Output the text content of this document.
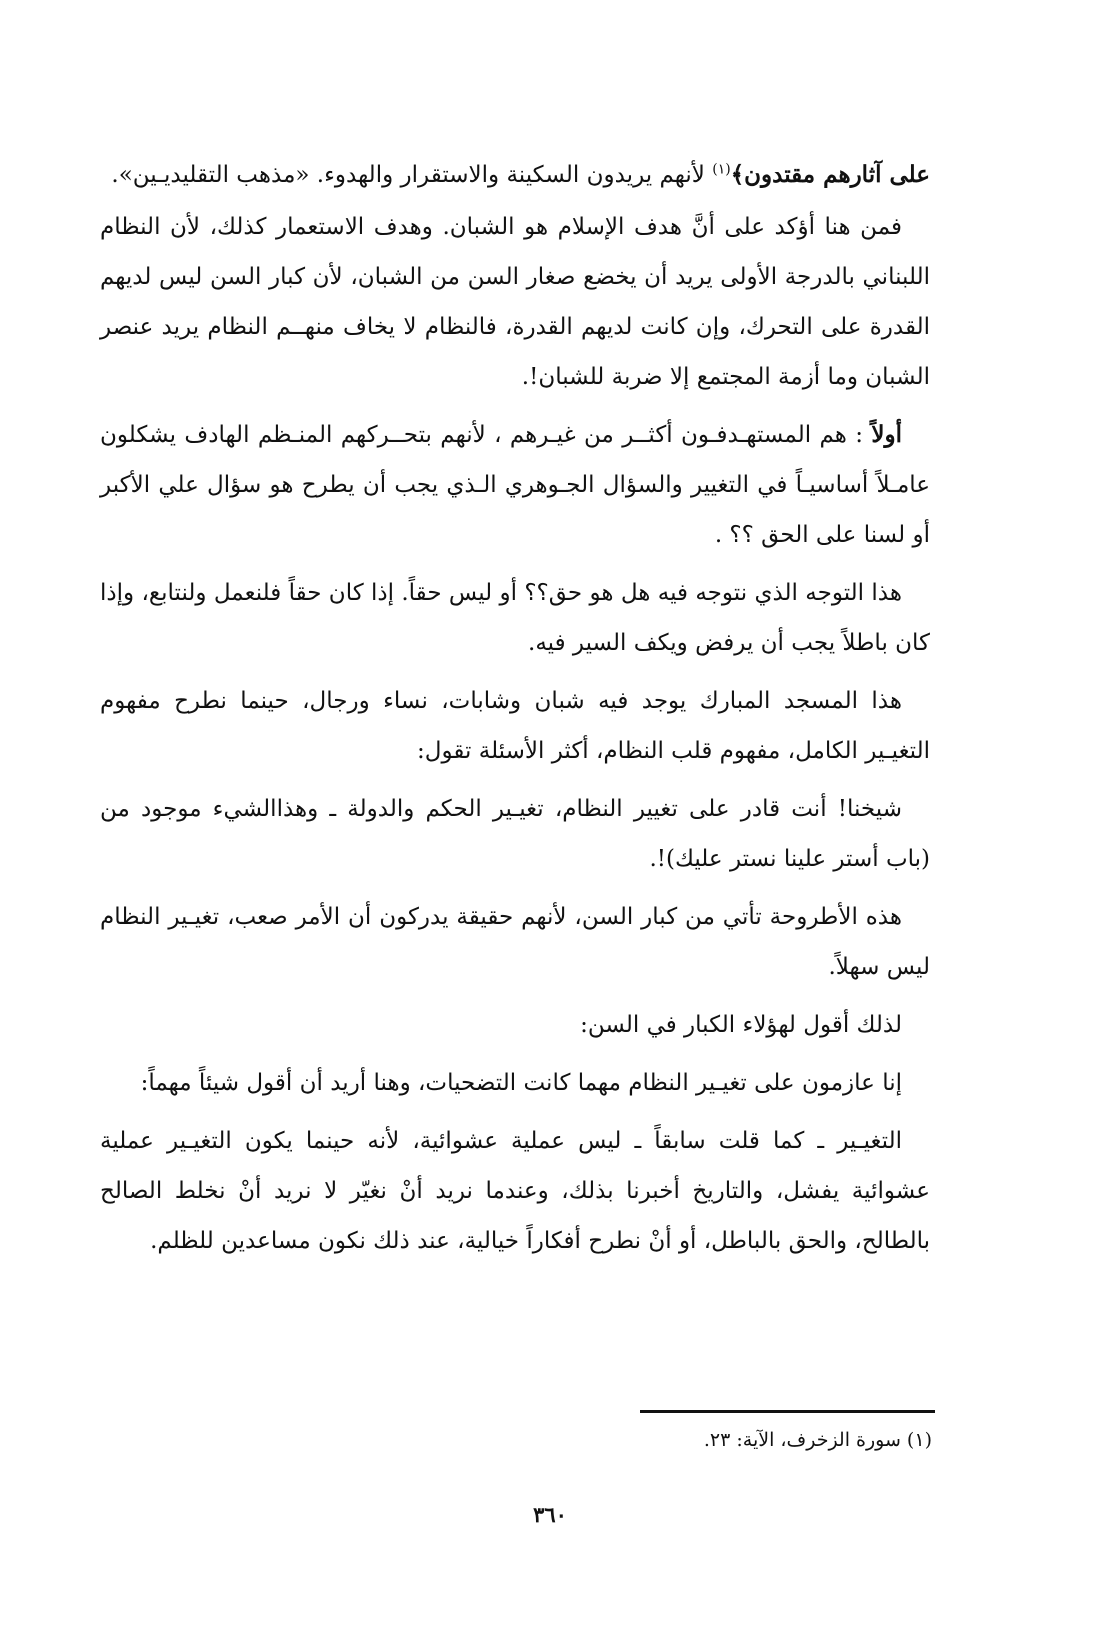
على آثارهم مقتدون﴾$^{(١)}$ لأنهم يريدون السكينة والاستقرار والهدوء. «مذهب التقليديـين».

فمن هنا أؤكد على أنَّ هدف الإسلام هو الشبان. وهدف الاستعمار كذلك، لأن النظام اللبناني بالدرجة الأولى يريد أن يخضع صغار السن من الشبان، لأن كبار السن ليس لديهم القدرة على التحرك، وإن كانت لديهم القدرة، فالنظام لا يخاف منهــم النظام يريد عنصر الشبان وما أزمة المجتمع إلا ضربة للشبان!.

أولاً : هم المستهـدفـون أكثــر من غيـرهم ، لأنهم بتحــركهم المنـظم الهادف يشكلون عامـلاً أساسيـاً في التغيير والسؤال الجـوهري الـذي يجب أن يطرح هو سؤال علي الأكبر أو لسنا على الحق ؟؟ .

هذا التوجه الذي نتوجه فيه هل هو حق؟؟ أو ليس حقاً. إذا كان حقاً فلنعمل ولنتابع، وإذا كان باطلاً يجب أن يرفض ويكف السير فيه.

هذا المسجد المبارك يوجد فيه شبان وشابات، نساء ورجال، حينما نطرح مفهوم التغيـير الكامل، مفهوم قلب النظام، أكثر الأسئلة تقول:

شيخنا! أنت قادر على تغيير النظام، تغيـير الحكم والدولة ـ وهذاالشيء موجود من (باب أستر علينا نستر عليك)!.

هذه الأطروحة تأتي من كبار السن، لأنهم حقيقة يدركون أن الأمر صعب، تغيـير النظام ليس سهلاً.

لذلك أقول لهؤلاء الكبار في السن:

إنا عازمون على تغيـير النظام مهما كانت التضحيات، وهنا أريد أن أقول شيئاً مهماً:

التغيـير ـ كما قلت سابقاً ـ ليس عملية عشوائية، لأنه حينما يكون التغيـير عملية عشوائية يفشل، والتاريخ أخبرنا بذلك، وعندما نريد أنْ نغيّر لا نريد أنْ نخلط الصالح بالطالح، والحق بالباطل، أو أنْ نطرح أفكاراً خيالية، عند ذلك نكون مساعدين للظلم.

(١) سورة الزخرف، الآية: ٢٣.
٣٦٠
